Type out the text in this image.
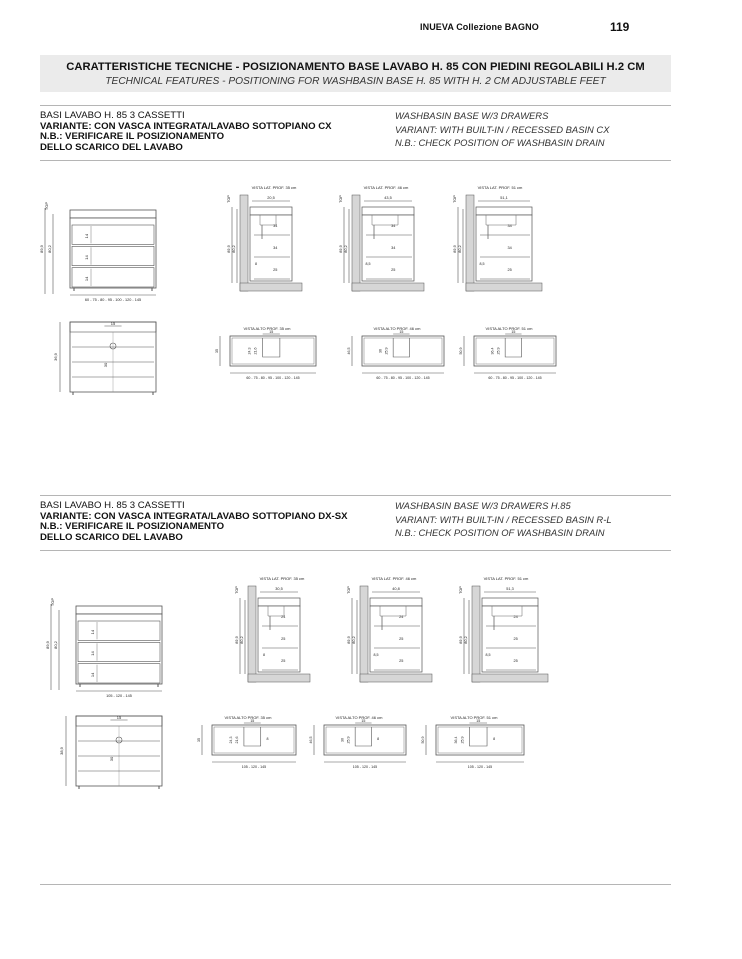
INUEVA Collezione BAGNO	119
CARATTERISTICHE TECNICHE - POSIZIONAMENTO BASE LAVABO H. 85 CON PIEDINI REGOLABILI H.2 CM
TECHNICAL FEATURES - POSITIONING FOR WASHBASIN BASE H. 85 WITH H. 2 CM ADJUSTABLE FEET
BASI LAVABO H. 85 3 CASSETTI
VARIANTE: CON VASCA INTEGRATA/LAVABO SOTTOPIANO CX
N.B.: VERIFICARE IL POSIZIONAMENTO
DELLO SCARICO DEL LAVABO
WASHBASIN BASE W/3 DRAWERS
VARIANT: WITH BUILT-IN / RECESSED BASIN CX
N.B.: CHECK POSITION OF WASHBASIN DRAIN
BASI LAVABO H. 85 3 CASSETTI
VARIANTE: CON VASCA INTEGRATA/LAVABO SOTTOPIANO DX-SX
N.B.: VERIFICARE IL POSIZIONAMENTO
DELLO SCARICO DEL LAVABO
WASHBASIN BASE W/3 DRAWERS H.85
VARIANT: WITH BUILT-IN / RECESSED BASIN R-L
N.B.: CHECK POSITION OF WASHBASIN DRAIN
TOP
89,9 80,2
14
14
14
60 - 75 - 80 - 95 - 100 - 120 - 145
15
36,9
30
VISTA LAT. PROF. 35 cm
20,5
89,9 80,2
TOP
34
34
25
8
VISTA LAT. PROF. 46 cm
43,5
89,9 80,2
TOP
34
34
25
8,5
VISTA LAT. PROF. 51 cm
51,1
89,9 80,2
TOP
34
34
25
8,5
VISTA ALTO PROF. 35 cm
15
35	24,3 21,6
60 - 75 - 80 - 95 - 100 - 120 - 145
VISTA ALTO PROF. 46 cm
15
46,5	36 25,9
60 - 75 - 80 - 95 - 100 - 120 - 145
VISTA ALTO PROF. 51 cm
15
50,9	36,4 25,9
60 - 75 - 80 - 95 - 100 - 120 - 145
TOP
89,9 80,2
14
14
14
105 - 120 - 145
15
38,9
30
VISTA LAT. PROF. 35 cm
30,5
89,9 80,2
TOP
24
25
25
8
VISTA LAT. PROF. 46 cm
40,8
89,9 80,2
TOP
24
25
25
8,5
VISTA LAT. PROF. 51 cm
51,3
89,9 80,2
TOP
24
25
25
8,5
VISTA ALTO PROF. 35 cm
15
35	24,3 21,6	8
105 - 120 - 145
VISTA ALTO PROF. 46 cm
15
46,5	30 25,9	8
105 - 120 - 145
VISTA ALTO PROF. 51 cm
15
50,9	36,4 25,9	8
105 - 120 - 145
